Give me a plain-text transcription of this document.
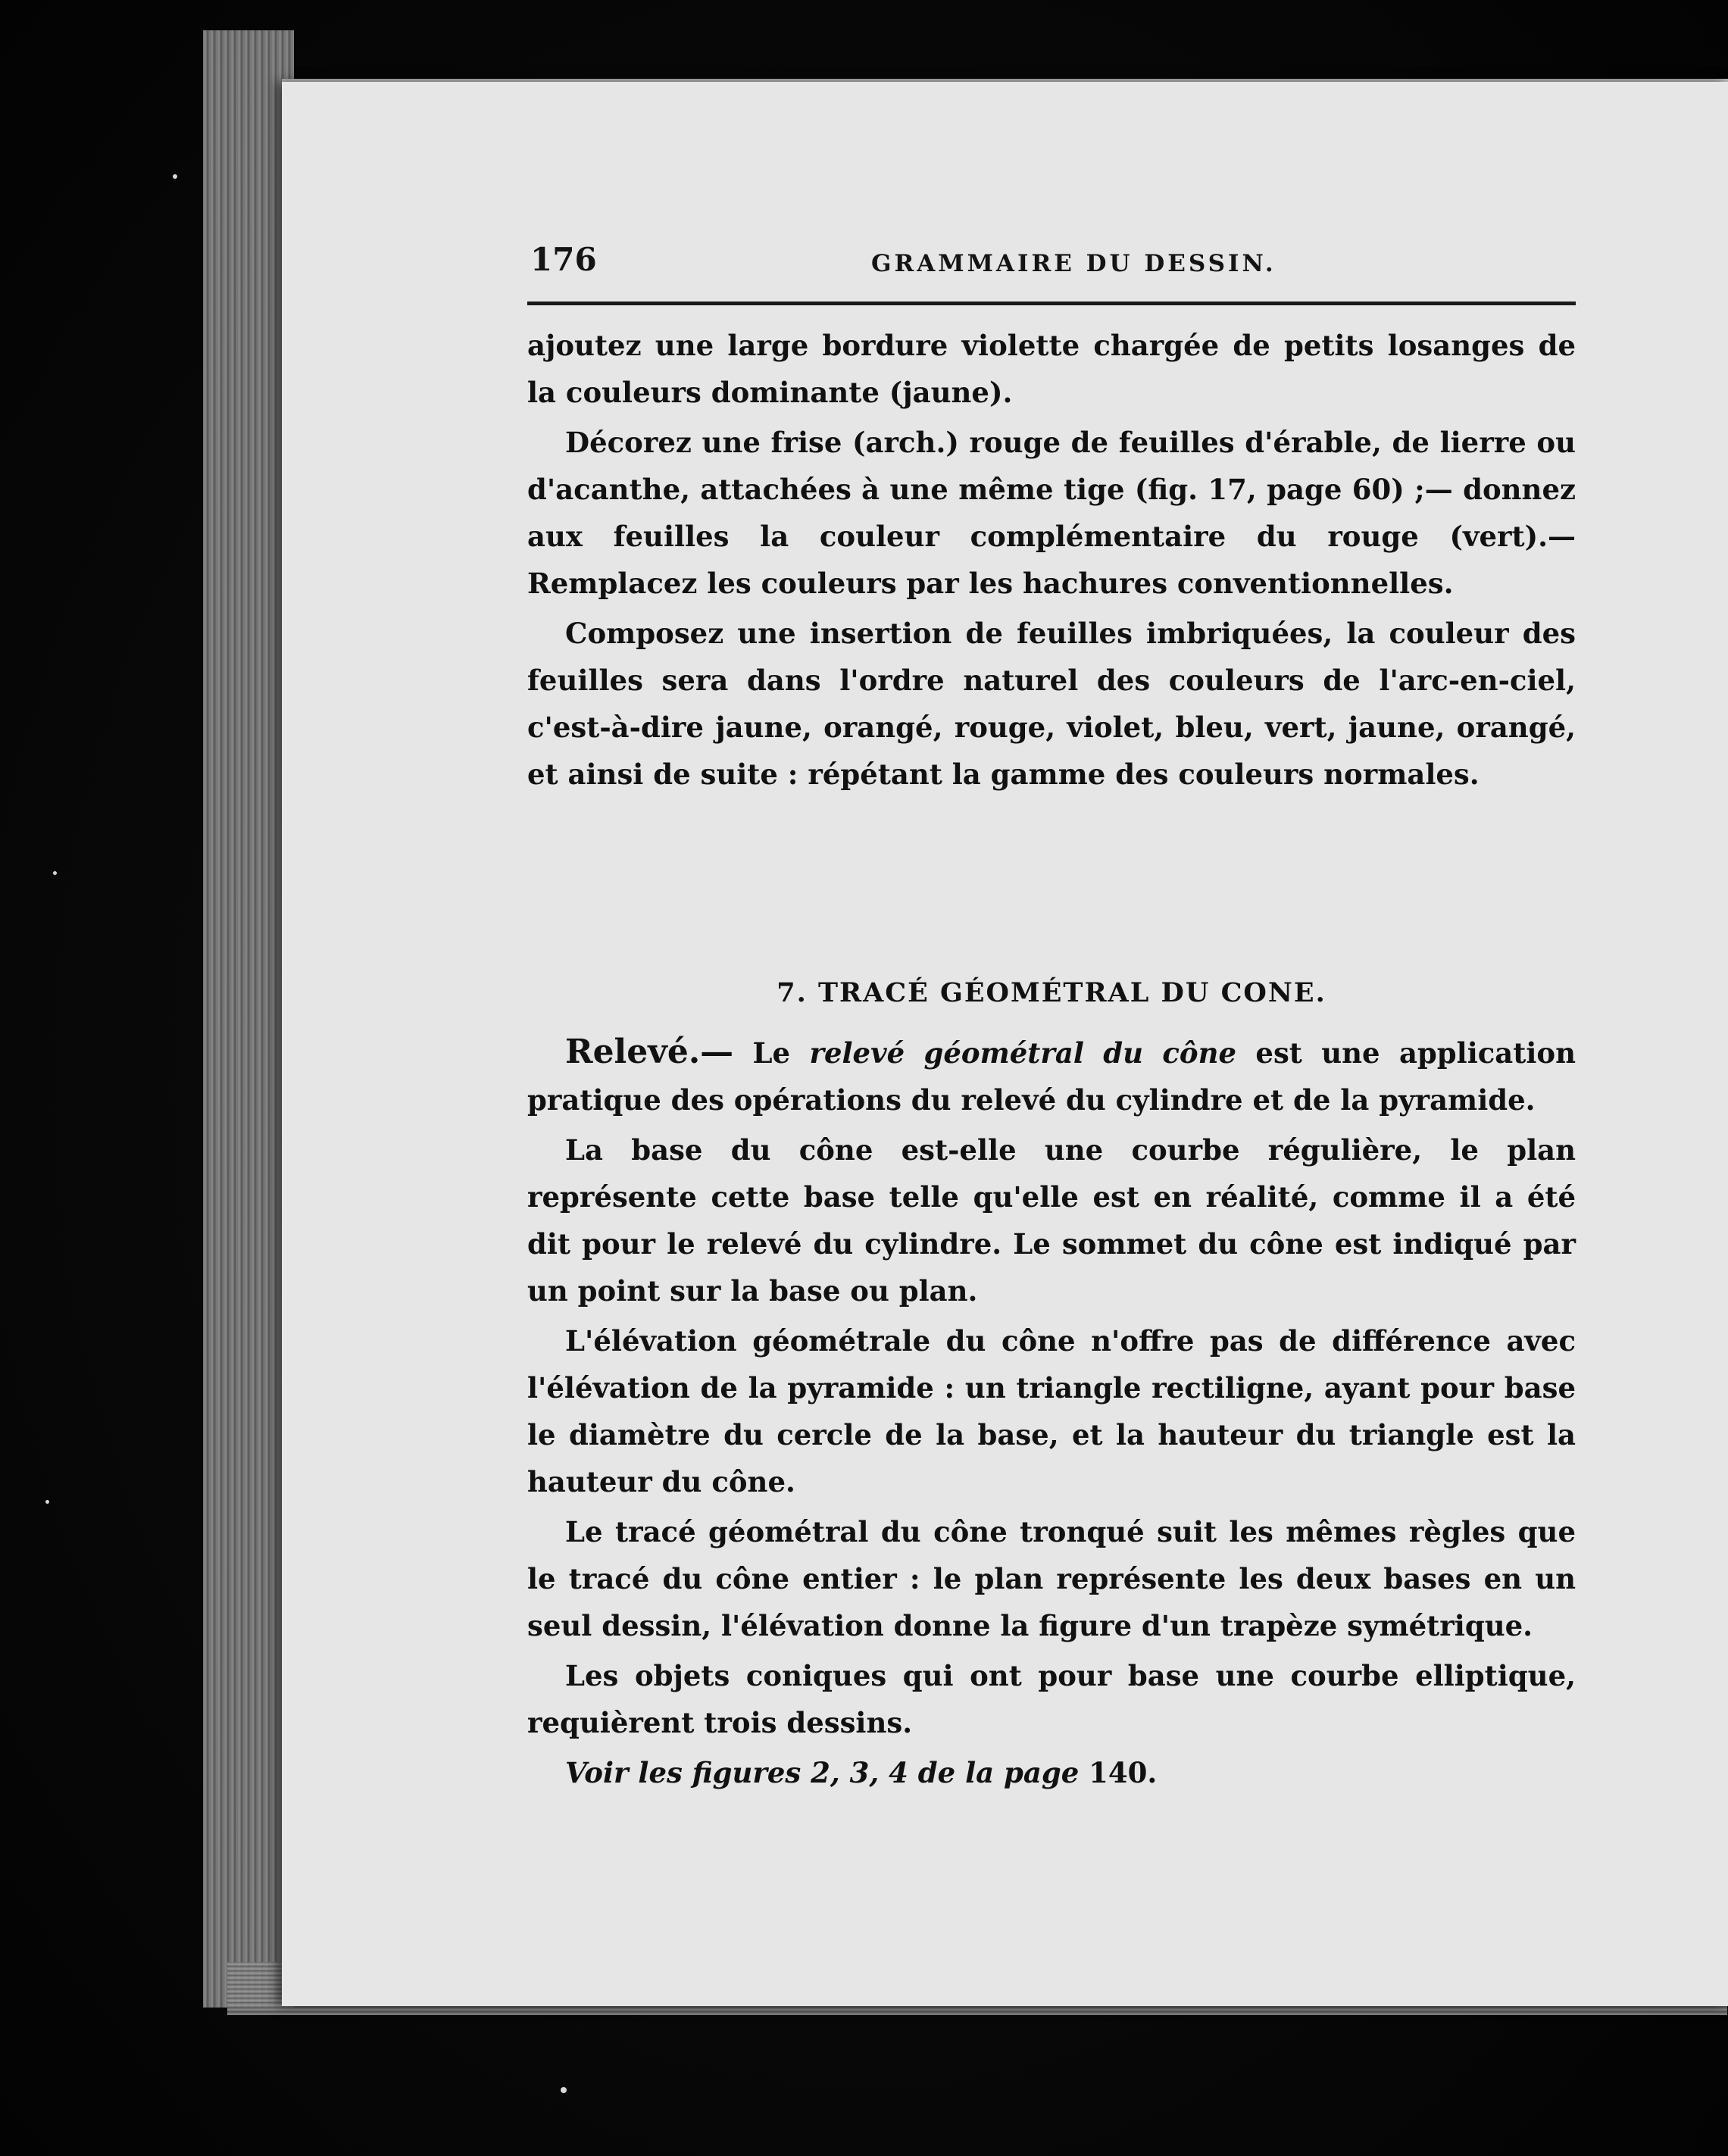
176	GRAMMAIRE DU DESSIN.

ajoutez une large bordure violette chargée de petits losanges de la couleurs dominante (jaune).

Décorez une frise (arch.) rouge de feuilles d'érable, de lierre ou d'acanthe, attachées à une même tige (fig. 17, page 60) ;— donnez aux feuilles la couleur complémentaire du rouge (vert).— Remplacez les couleurs par les hachures conventionnelles.

Composez une insertion de feuilles imbriquées, la couleur des feuilles sera dans l'ordre naturel des couleurs de l'arc-en-ciel, c'est-à-dire jaune, orangé, rouge, violet, bleu, vert, jaune, orangé, et ainsi de suite : répétant la gamme des couleurs normales.

7. TRACÉ GÉOMÉTRAL DU CONE.

Relevé.— Le relevé géométral du cône est une application pratique des opérations du relevé du cylindre et de la pyramide.

La base du cône est-elle une courbe régulière, le plan représente cette base telle qu'elle est en réalité, comme il a été dit pour le relevé du cylindre. Le sommet du cône est indiqué par un point sur la base ou plan.

L'élévation géométrale du cône n'offre pas de différence avec l'élévation de la pyramide : un triangle rectiligne, ayant pour base le diamètre du cercle de la base, et la hauteur du triangle est la hauteur du cône.

Le tracé géométral du cône tronqué suit les mêmes règles que le tracé du cône entier : le plan représente les deux bases en un seul dessin, l'élévation donne la figure d'un trapèze symétrique.

Les objets coniques qui ont pour base une courbe elliptique, requièrent trois dessins.

Voir les figures 2, 3, 4 de la page 140.
